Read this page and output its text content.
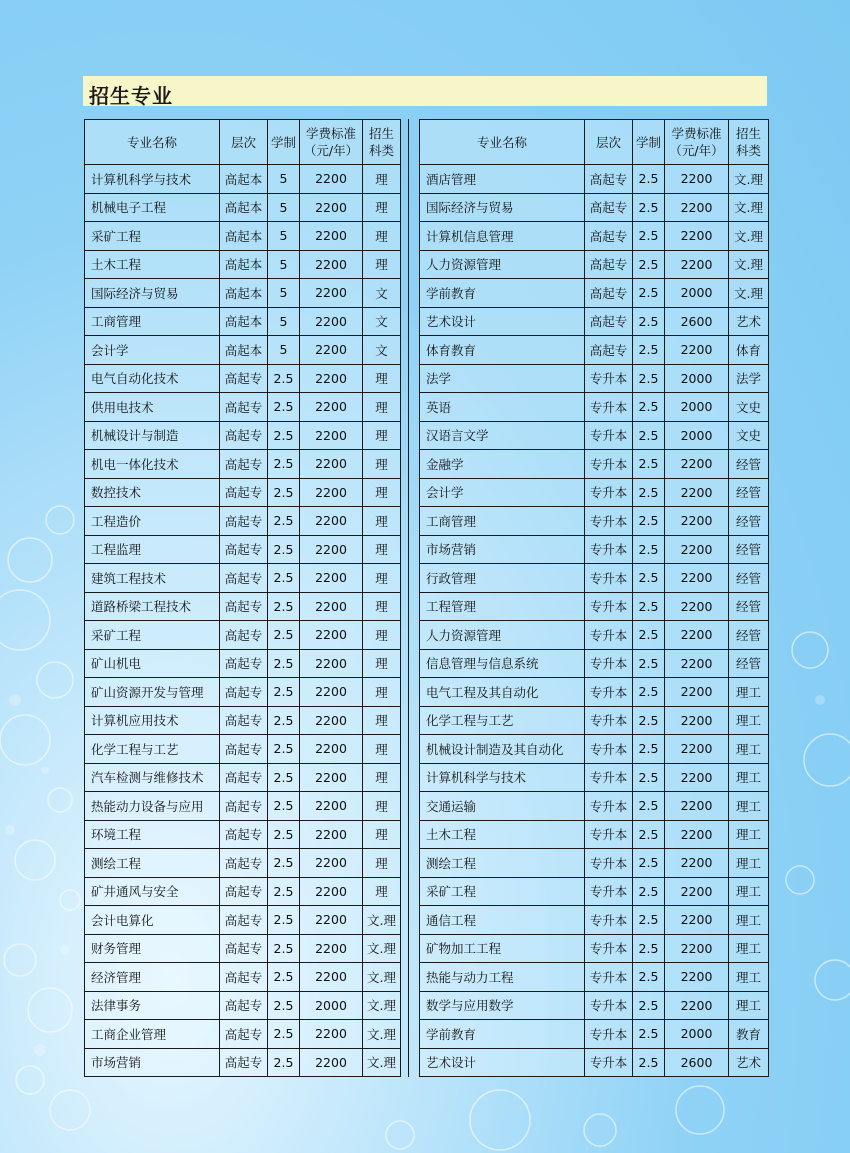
招生专业
专业名称	层次	学制	学费标准（元/年）	招生科类

计算机科学与技术	高起本	5	2200	理
机械电子工程	高起本	5	2200	理
采矿工程	高起本	5	2200	理
土木工程	高起本	5	2200	理
国际经济与贸易	高起本	5	2200	文
工商管理	高起本	5	2200	文
会计学	高起本	5	2200	文
电气自动化技术	高起专	2.5	2200	理
供用电技术	高起专	2.5	2200	理
机械设计与制造	高起专	2.5	2200	理
机电一体化技术	高起专	2.5	2200	理
数控技术	高起专	2.5	2200	理
工程造价	高起专	2.5	2200	理
工程监理	高起专	2.5	2200	理
建筑工程技术	高起专	2.5	2200	理
道路桥梁工程技术	高起专	2.5	2200	理
采矿工程	高起专	2.5	2200	理
矿山机电	高起专	2.5	2200	理
矿山资源开发与管理	高起专	2.5	2200	理
计算机应用技术	高起专	2.5	2200	理
化学工程与工艺	高起专	2.5	2200	理
汽车检测与维修技术	高起专	2.5	2200	理
热能动力设备与应用	高起专	2.5	2200	理
环境工程	高起专	2.5	2200	理
测绘工程	高起专	2.5	2200	理
矿井通风与安全	高起专	2.5	2200	理
会计电算化	高起专	2.5	2200	文.理
财务管理	高起专	2.5	2200	文.理
经济管理	高起专	2.5	2200	文.理
法律事务	高起专	2.5	2000	文.理
工商企业管理	高起专	2.5	2200	文.理
市场营销	高起专	2.5	2200	文.理
专业名称	层次	学制	学费标准（元/年）	招生科类

酒店管理	高起专	2.5	2200	文.理
国际经济与贸易	高起专	2.5	2200	文.理
计算机信息管理	高起专	2.5	2200	文.理
人力资源管理	高起专	2.5	2200	文.理
学前教育	高起专	2.5	2000	文.理
艺术设计	高起专	2.5	2600	艺术
体育教育	高起专	2.5	2200	体育
法学	专升本	2.5	2000	法学
英语	专升本	2.5	2000	文史
汉语言文学	专升本	2.5	2000	文史
金融学	专升本	2.5	2200	经管
会计学	专升本	2.5	2200	经管
工商管理	专升本	2.5	2200	经管
市场营销	专升本	2.5	2200	经管
行政管理	专升本	2.5	2200	经管
工程管理	专升本	2.5	2200	经管
人力资源管理	专升本	2.5	2200	经管
信息管理与信息系统	专升本	2.5	2200	经管
电气工程及其自动化	专升本	2.5	2200	理工
化学工程与工艺	专升本	2.5	2200	理工
机械设计制造及其自动化	专升本	2.5	2200	理工
计算机科学与技术	专升本	2.5	2200	理工
交通运输	专升本	2.5	2200	理工
土木工程	专升本	2.5	2200	理工
测绘工程	专升本	2.5	2200	理工
采矿工程	专升本	2.5	2200	理工
通信工程	专升本	2.5	2200	理工
矿物加工工程	专升本	2.5	2200	理工
热能与动力工程	专升本	2.5	2200	理工
数学与应用数学	专升本	2.5	2200	理工
学前教育	专升本	2.5	2000	教育
艺术设计	专升本	2.5	2600	艺术
